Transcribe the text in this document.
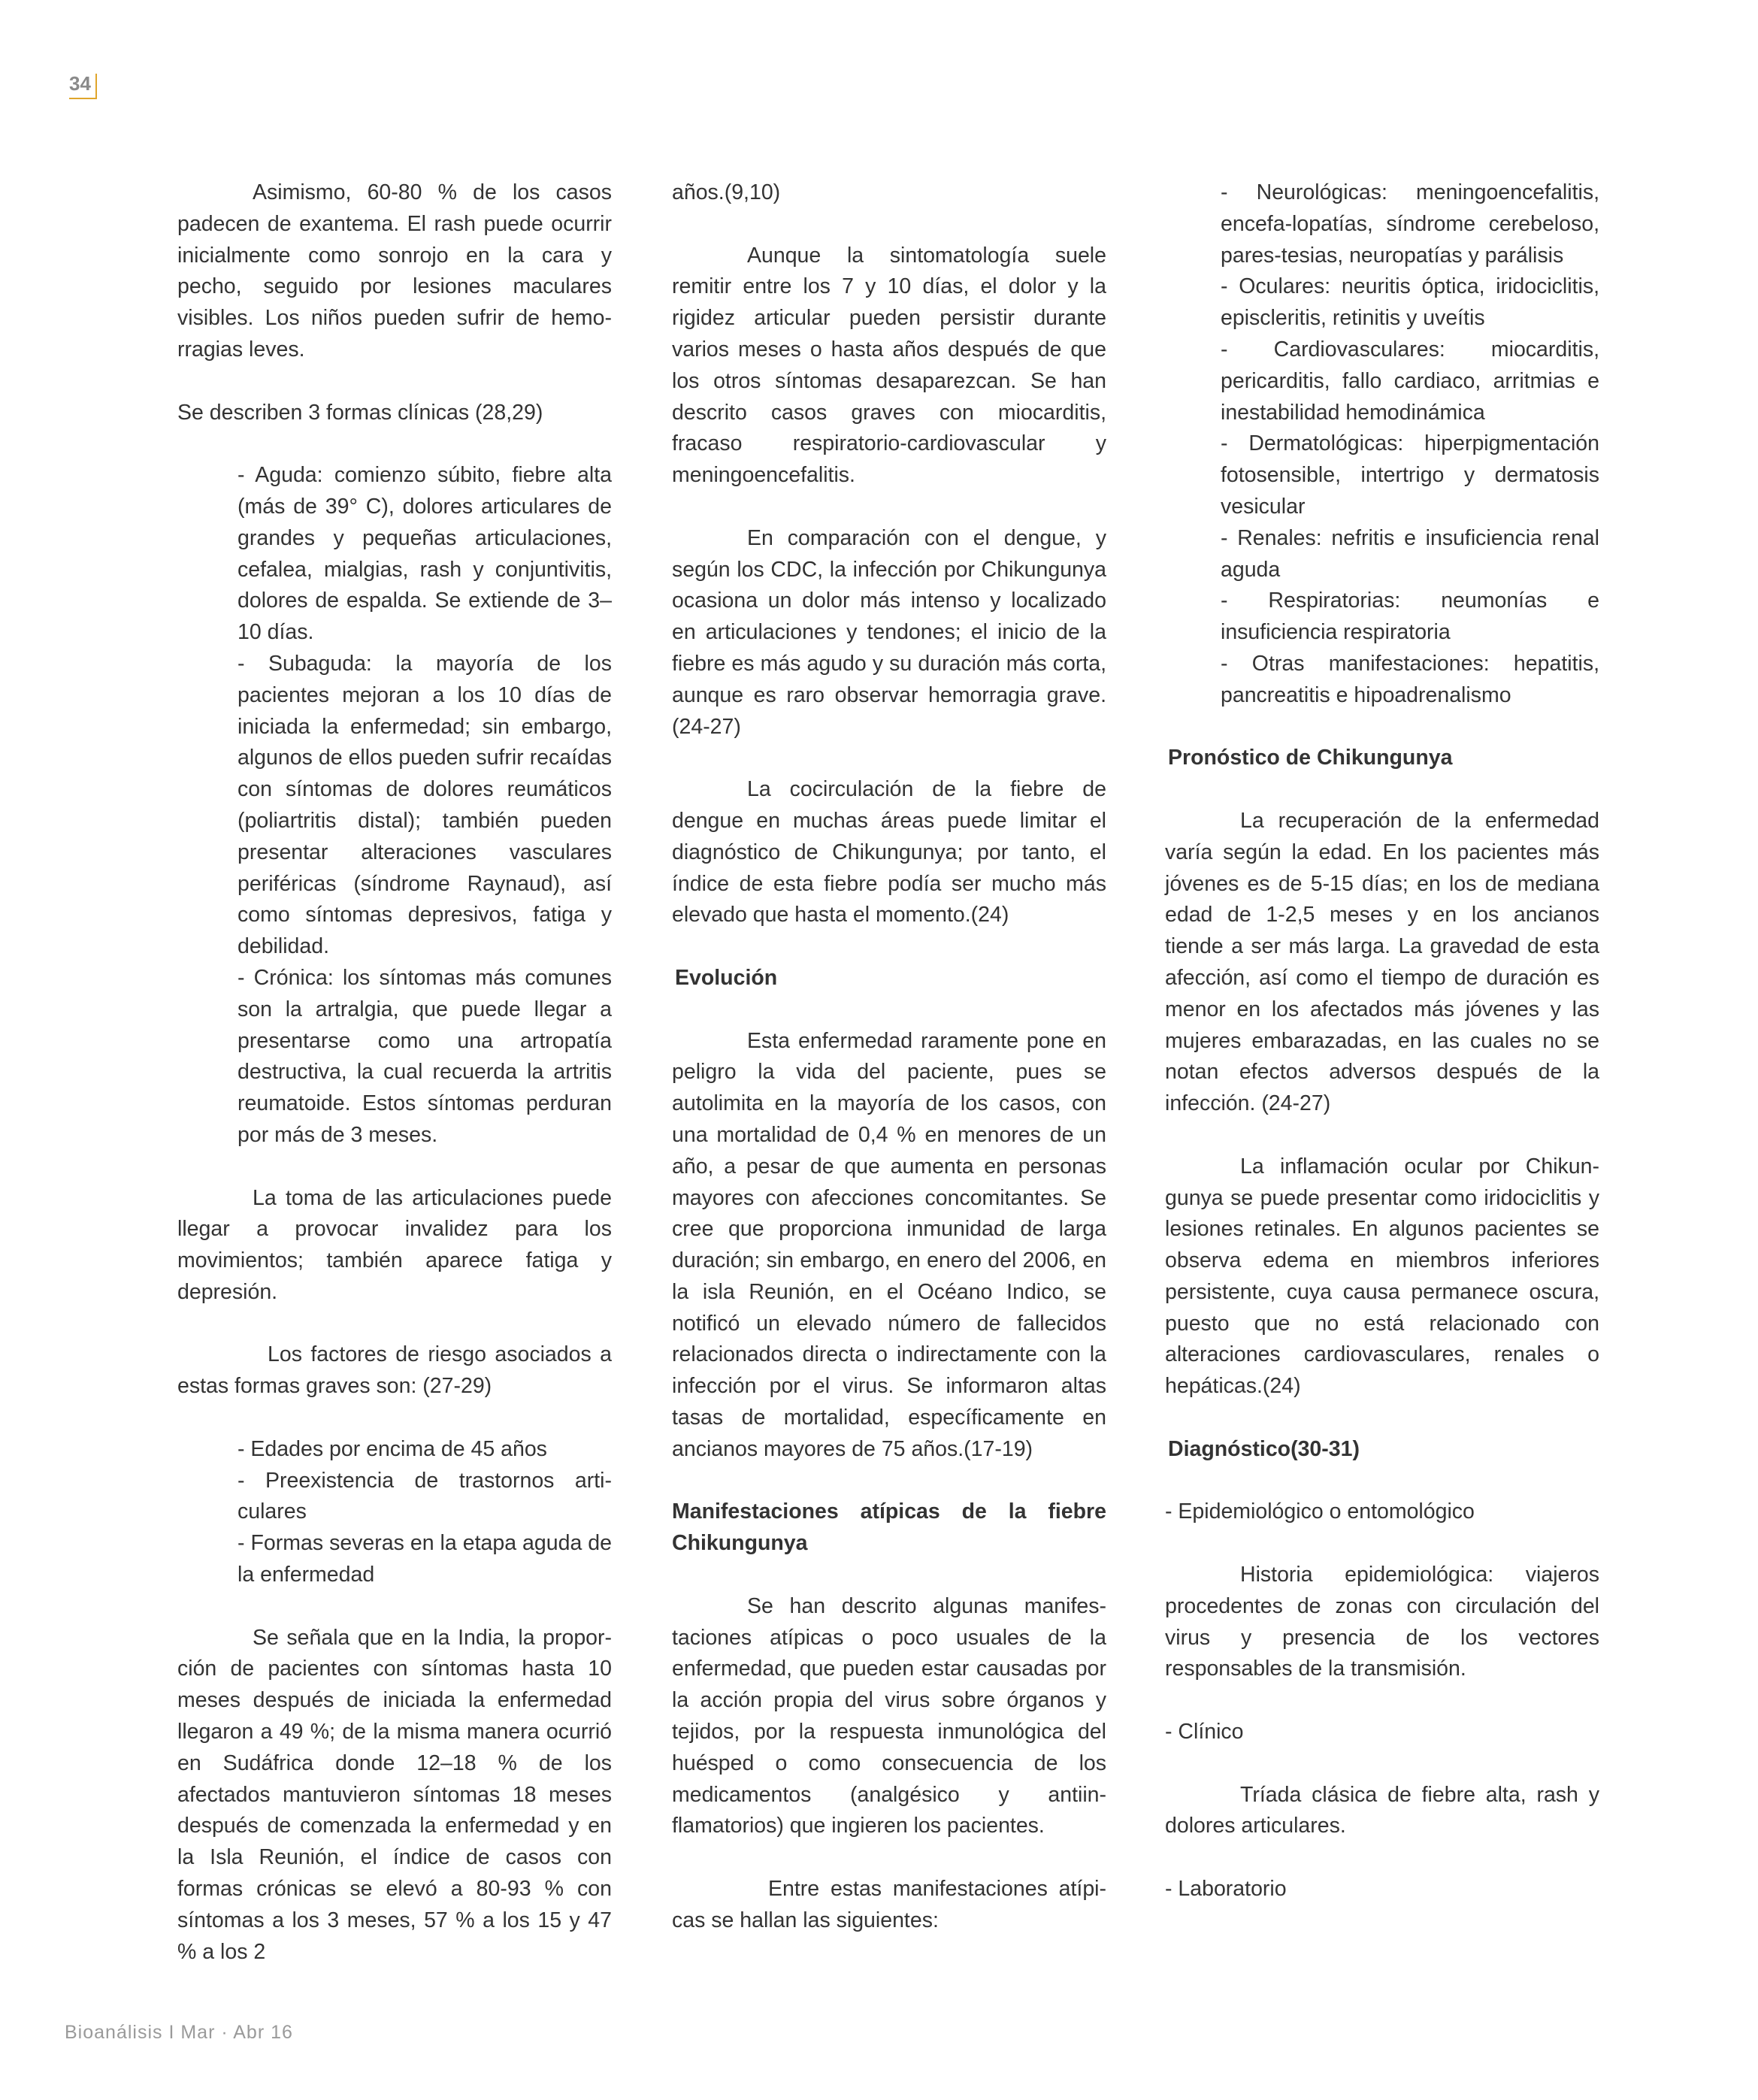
34

Asimismo, 60-80 % de los casos padecen de exantema. El rash puede ocurrir inicialmente como sonrojo en la cara y pecho, seguido por lesiones maculares visibles. Los niños pueden sufrir de hemo-rragias leves.

Se describen 3 formas clínicas (28,29)

- Aguda: comienzo súbito, fiebre alta (más de 39° C), dolores articulares de grandes y pequeñas articulaciones, cefalea, mialgias, rash y conjuntivitis, dolores de espalda. Se extiende de 3–10 días.

- Subaguda: la mayoría de los pacientes mejoran a los 10 días de iniciada la enfermedad; sin embargo, algunos de ellos pueden sufrir recaídas con síntomas de dolores reumáticos (poliartritis distal); también pueden presentar alteraciones vasculares periféricas (síndrome Raynaud), así como síntomas depresivos, fatiga y debilidad.

- Crónica: los síntomas más comunes son la artralgia, que puede llegar a presentarse como una artropatía destructiva, la cual recuerda la artritis reumatoide. Estos síntomas perduran por más de 3 meses.

La toma de las articulaciones puede llegar a provocar invalidez para los movimientos; también aparece fatiga y depresión.

Los factores de riesgo asociados a estas formas graves son: (27-29)

- Edades por encima de 45 años

- Preexistencia de trastornos arti-culares

- Formas severas en la etapa aguda de la enfermedad

Se señala que en la India, la propor-ción de pacientes con síntomas hasta 10 meses después de iniciada la enfermedad llegaron a 49 %; de la misma manera ocurrió en Sudáfrica donde 12–18 % de los afectados mantuvieron síntomas 18 meses después de comenzada la enfermedad y en la Isla Reunión, el índice de casos con formas crónicas se elevó a 80-93 % con síntomas a los 3 meses, 57 % a los 15 y 47 % a los 2

años.(9,10)

Aunque la sintomatología suele remitir entre los 7 y 10 días, el dolor y la rigidez articular pueden persistir durante varios meses o hasta años después de que los otros síntomas desaparezcan. Se han descrito casos graves con miocarditis, fracaso respiratorio-cardiovascular y meningoencefalitis.

En comparación con el dengue, y según los CDC, la infección por Chikungunya ocasiona un dolor más intenso y localizado en articulaciones y tendones; el inicio de la fiebre es más agudo y su duración más corta, aunque es raro observar hemorragia grave.(24-27)

La cocirculación de la fiebre de dengue en muchas áreas puede limitar el diagnóstico de Chikungunya; por tanto, el índice de esta fiebre podía ser mucho más elevado que hasta el momento.(24)

Evolución

Esta enfermedad raramente pone en peligro la vida del paciente, pues se autolimita en la mayoría de los casos, con una mortalidad de 0,4 % en menores de un año, a pesar de que aumenta en personas mayores con afecciones concomitantes. Se cree que proporciona inmunidad de larga duración; sin embargo, en enero del 2006, en la isla Reunión, en el Océano Indico, se notificó un elevado número de fallecidos relacionados directa o indirectamente con la infección por el virus. Se informaron altas tasas de mortalidad, específicamente en ancianos mayores de 75 años.(17-19)

Manifestaciones atípicas de la fiebre Chikungunya

Se han descrito algunas manifes-taciones atípicas o poco usuales de la enfermedad, que pueden estar causadas por la acción propia del virus sobre órganos y tejidos, por la respuesta inmunológica del huésped o como consecuencia de los medicamentos (analgésico y antiin-flamatorios) que ingieren los pacientes.

Entre estas manifestaciones atípi-cas se hallan las siguientes:

- Neurológicas: meningoencefalitis, encefa-lopatías, síndrome cerebeloso, pares-tesias, neuropatías y parálisis

- Oculares: neuritis óptica, iridociclitis, episcleritis, retinitis y uveítis

- Cardiovasculares: miocarditis, pericarditis, fallo cardiaco, arritmias e inestabilidad hemodinámica

- Dermatológicas: hiperpigmentación fotosensible, intertrigo y dermatosis vesicular

- Renales: nefritis e insuficiencia renal aguda

- Respiratorias: neumonías e insuficiencia respiratoria

- Otras manifestaciones: hepatitis, pancreatitis e hipoadrenalismo

Pronóstico de Chikungunya

La recuperación de la enfermedad varía según la edad. En los pacientes más jóvenes es de 5-15 días; en los de mediana edad de 1-2,5 meses y en los ancianos tiende a ser más larga. La gravedad de esta afección, así como el tiempo de duración es menor en los afectados más jóvenes y las mujeres embarazadas, en las cuales no se notan efectos adversos después de la infección. (24-27)

La inflamación ocular por Chikun-gunya se puede presentar como iridociclitis y lesiones retinales. En algunos pacientes se observa edema en miembros inferiores persistente, cuya causa permanece oscura, puesto que no está relacionado con alteraciones cardiovasculares, renales o hepáticas.(24)

Diagnóstico(30-31)

- Epidemiológico o entomológico

Historia epidemiológica: viajeros procedentes de zonas con circulación del virus y presencia de los vectores responsables de la transmisión.

- Clínico

Tríada clásica de fiebre alta, rash y dolores articulares.

- Laboratorio

Bioanálisis I Mar · Abr 16
